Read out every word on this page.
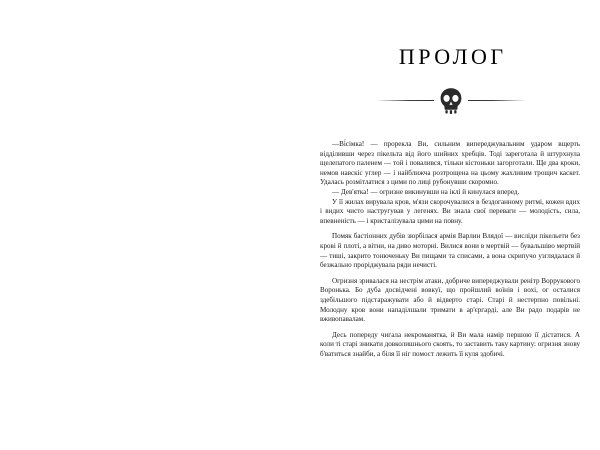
ПРОЛОГ

—Ві́сімка! — прорекла Ви, сильним випереджувальним ударом вщерть відділивши через пікельта від його шийних хребців. Тоді зареготала й штурхнула щелепатого паленем — той і повалився, тільки кістоньки загорготали. Ще два кроки, немов навскіс углер — і найближча розтрощена на цьому жахливим трощич каскет. Удалась розмітлатися з цими по лиці рубонувши скоромно.

— Дев'ятка! — огризне викинувши на іклі й кинулася вперед.

У її жилах вирувала кров, м'язи скорочувалися в бездоганному ритмі, кожен вдих і видих чисто настругував у легенях. Ви знала свої переваги — молодість, сила, впевненість — і кристалізувала цими на повну.

Помяк бастіонних дубів зюрбілася армія Варлин Влядої — висліди пікельети без крові й плоті, а вітни, на диво моторні. Вилися вони в мертвій — бувальшіво мертвій — тиші, закрито тонюченьку Ви пищами та списами, а вона скрипучо узглядалася й безжально проріджувала ряди нечисті.

Огризня зривалася на нестрім атаки, добриче випереджували ренітр Воррукового Воронька. Бо дуба досвідчені вовкуї, що пройшлий воїнів і вохі, ог осталися здебільшого підстаражувати або й відверто старі. Старі й нестерпно повільні. Молодну кров вони нападілшали тримати в ар'єргарді, але Ви радо подарів не вживопавалам.

Десь попереду чигала некроманятка, й Ви мала намір першою її дістатися. А коли ті старі зникати довколишнього скоять, то заставить таку картину: огризня знову б'ватиться знайби, а біля її ніг помост лежить її куля здобичі.
